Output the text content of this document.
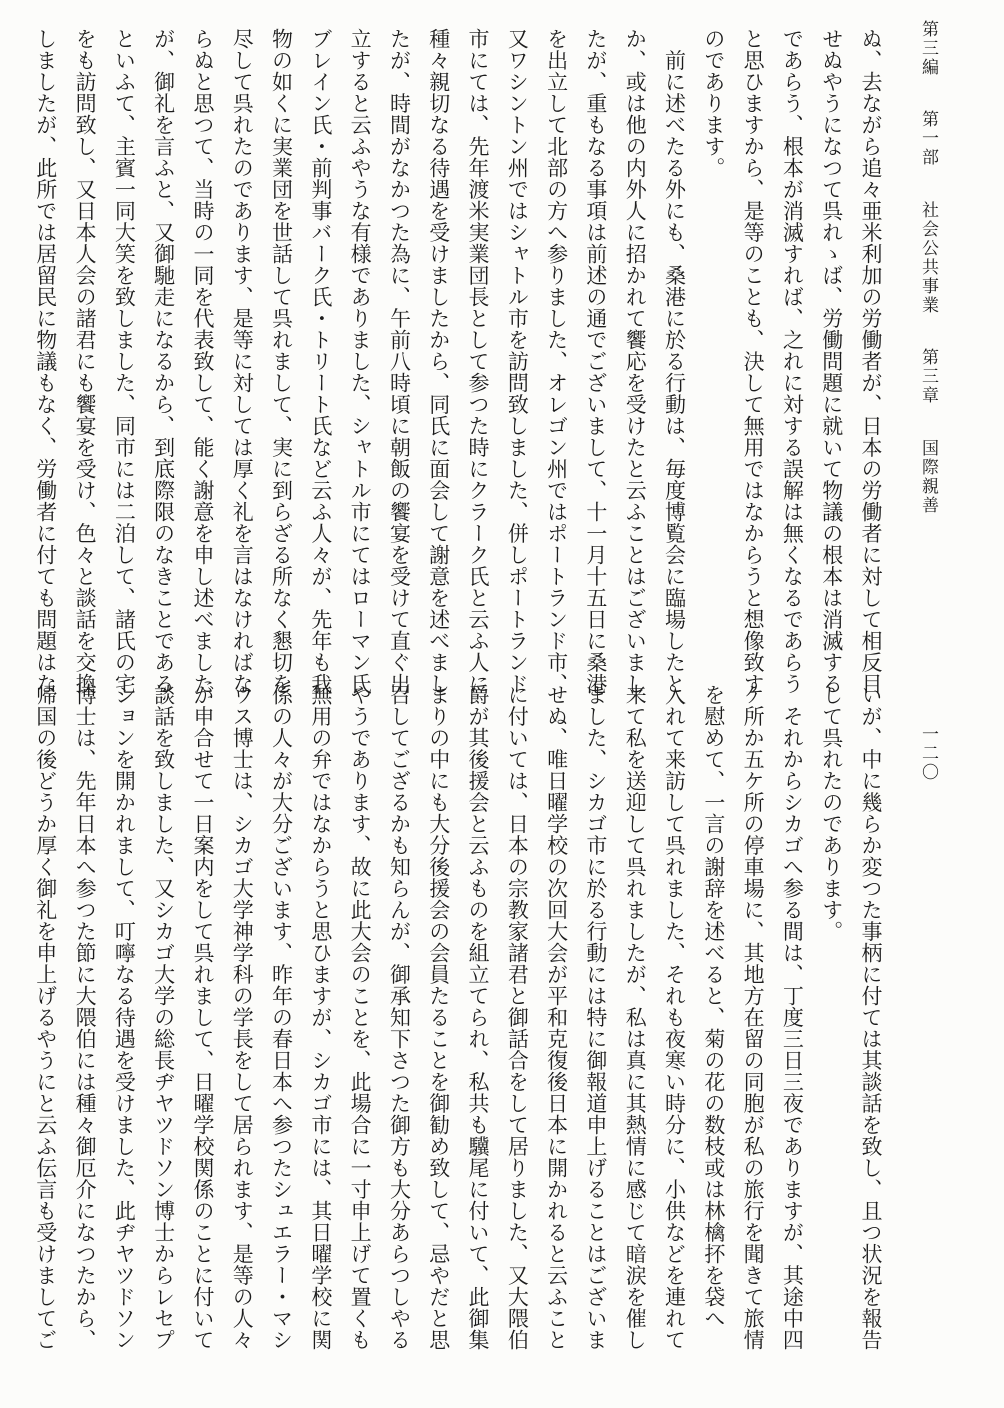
第三編 第一部 社会公共事業 第三章 国際親善
一二〇
ぬ、去ながら追々亜米利加の労働者が、日本の労働者に対して相反目
せぬやうになつて呉れゝば、労働問題に就いて物議の根本は消滅する
であらう、根本が消滅すれば、之れに対する誤解は無くなるであらう
と思ひますから、是等のことも、決して無用ではなからうと想像致す
のであります。
　前に述べたる外にも、桑港に於る行動は、毎度博覧会に臨場したと
か、或は他の内外人に招かれて饗応を受けたと云ふことはございまし
たが、重もなる事項は前述の通でございまして、十一月十五日に桑港
を出立して北部の方へ参りました、オレゴン州ではポートランド市、
又ワシントン州ではシャトル市を訪問致しました、併しポートランド
市にては、先年渡米実業団長として参つた時にクラーク氏と云ふ人に
種々親切なる待遇を受けましたから、同氏に面会して謝意を述べまし
たが、時間がなかつた為に、午前八時頃に朝飯の饗宴を受けて直ぐ出
立すると云ふやうな有様でありました、シャトル市にてはローマン氏
ブレイン氏・前判事バーク氏・トリート氏など云ふ人々が、先年も我
物の如くに実業団を世話して呉れまして、実に到らざる所なく懇切を
尽して呉れたのであります、是等に対しては厚く礼を言はなければな
らぬと思つて、当時の一同を代表致して、能く謝意を申し述べました
が、御礼を言ふと、又御馳走になるから、到底際限のなきことである
といふて、主賓一同大笑を致しました、同市には二泊して、諸氏の宅
をも訪問致し、又日本人会の諸君にも饗宴を受け、色々と談話を交換
しましたが、此所では居留民に物議もなく、労働者に付ても問題はな
いが、中に幾らか変つた事柄に付ては其談話を致し、且つ状況を報告
して呉れたのであります。
　それからシカゴへ参る間は、丁度三日三夜でありますが、其途中四
ケ所か五ケ所の停車場に、其地方在留の同胞が私の旅行を聞きて旅情
を慰めて、一言の謝辞を述べると、菊の花の数枝或は林檎抔を袋へ
入れて来訪して呉れました、それも夜寒い時分に、小供などを連れて
来て私を送迎して呉れましたが、私は真に其熱情に感じて暗涙を催し
ました、シカゴ市に於る行動には特に御報道申上げることはございま
せぬ、唯日曜学校の次回大会が平和克復後日本に開かれると云ふこと
に付いては、日本の宗教家諸君と御話合をして居りました、又大隈伯
爵が其後援会と云ふものを組立てられ、私共も驥尾に付いて、此御集
まりの中にも大分後援会の会員たることを御勧め致して、忌やだと思
召してござるかも知らんが、御承知下さつた御方も大分あらつしやる
やうであります、故に此大会のことを、此場合に一寸申上げて置くも
無用の弁ではなからうと思ひますが、シカゴ市には、其日曜学校に関
係の人々が大分ございます、昨年の春日本へ参つたシュエラー・マシ
ウス博士は、シカゴ大学神学科の学長をして居られます、是等の人々
が申合せて一日案内をして呉れまして、日曜学校関係のことに付いて
談話を致しました、又シカゴ大学の総長ヂヤツドソン博士からレセプ
ションを開かれまして、叮嚀なる待遇を受けました、此ヂヤツドソン
博士は、先年日本へ参つた節に大隈伯には種々御厄介になつたから、
帰国の後どうか厚く御礼を申上げるやうにと云ふ伝言も受けましてご
